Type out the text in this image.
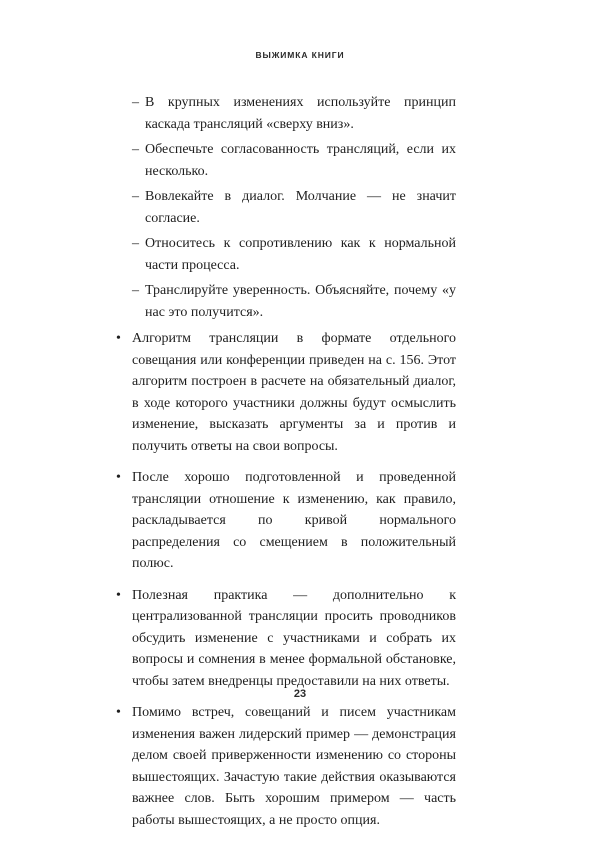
ВЫЖИМКА КНИГИ
– В крупных изменениях используйте принцип каскада трансляций «сверху вниз».
– Обеспечьте согласованность трансляций, если их несколько.
– Вовлекайте в диалог. Молчание — не значит согласие.
– Относитесь к сопротивлению как к нормальной части процесса.
– Транслируйте уверенность. Объясняйте, почему «у нас это получится».
• Алгоритм трансляции в формате отдельного совещания или конференции приведен на с. 156. Этот алгоритм построен в расчете на обязательный диалог, в ходе которого участники должны будут осмыслить изменение, высказать аргументы за и против и получить ответы на свои вопросы.
• После хорошо подготовленной и проведенной трансляции отношение к изменению, как правило, раскладывается по кривой нормального распределения со смещением в положительный полюс.
• Полезная практика — дополнительно к централизованной трансляции просить проводников обсудить изменение с участниками и собрать их вопросы и сомнения в менее формальной обстановке, чтобы затем внедренцы предоставили на них ответы.
• Помимо встреч, совещаний и писем участникам изменения важен лидерский пример — демонстрация делом своей приверженности изменению со стороны вышестоящих. Зачастую такие действия оказываются важнее слов. Быть хорошим примером — часть работы вышестоящих, а не просто опция.
23
